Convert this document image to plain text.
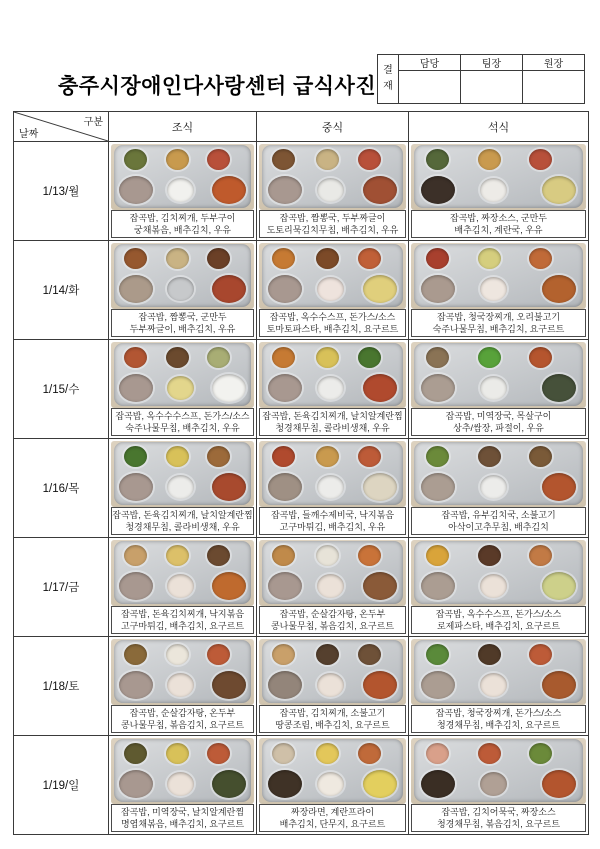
충주시장애인다사랑센터 급식사진
결
재
담당	팀장	원장
구분
날짜	조식	중식	석식
1/13/월	
잡곡밥, 김치찌개, 두부구이
궁채볶음, 배추김치, 우유

잡곡밥, 짬뽕국, 두부짜글이
도토리묵김치무침, 배추김치, 우유

잡곡밥, 짜장소스, 군만두
배추김치, 계란국, 우유

1/14/화	
잡곡밥, 짬뽕국, 군만두
두부짜글이, 배추김치, 우유

잡곡밥, 옥수수스프, 돈가스/소스
토마토파스타, 배추김치, 요구르트

잡곡밥, 청국장찌개, 오리불고기
숙주나물무침, 배추김치, 요구르트

1/15/수	
잡곡밥, 옥수수수스프, 돈가스/소스
숙주나물무침, 배추김치, 우유

잡곡밥, 돈육김치찌개, 날치알계란찜
청경채무침, 콜라비생채, 우유

잡곡밥, 미역장국, 목살구이
상추/쌈장, 파절이, 우유

1/16/목	
잡곡밥, 돈육김치찌개, 날치알계란찜
청경채무침, 콜라비생채, 우유

잡곡밥, 들깨수제비국, 낙지볶음
고구마튀김, 배추김치, 우유

잡곡밥, 유부김치국, 소불고기
아삭이고추무침, 배추김치

1/17/금	
잡곡밥, 돈육김치찌개, 낙지볶음
고구마튀김, 배추김치, 요구르트

잡곡밥, 순살감자탕, 온두부
콩나물무침, 볶음김치, 요구르트

잡곡밥, 옥수수스프, 돈가스/소스
로제파스타, 배추김치, 요구르트

1/18/토	
잡곡밥, 순살감자탕, 온두부
콩나물무침, 볶음김치, 요구르트

잡곡밥, 김치찌개, 소불고기
땅콩조림, 배추김치, 요구르트

잡곡밥, 청국장찌개, 돈가스/소스
청경채무침, 배추김치, 요구르트

1/19/일	
잡곡밥, 미역장국, 날치알계란찜
명엽채볶음, 배추김치, 요구르트

짜장라면, 계란프라이
배추김치, 단무지, 요구르트

잡곡밥, 김치어묵국, 짜장소스
청경채무침, 볶음김치, 요구르트
